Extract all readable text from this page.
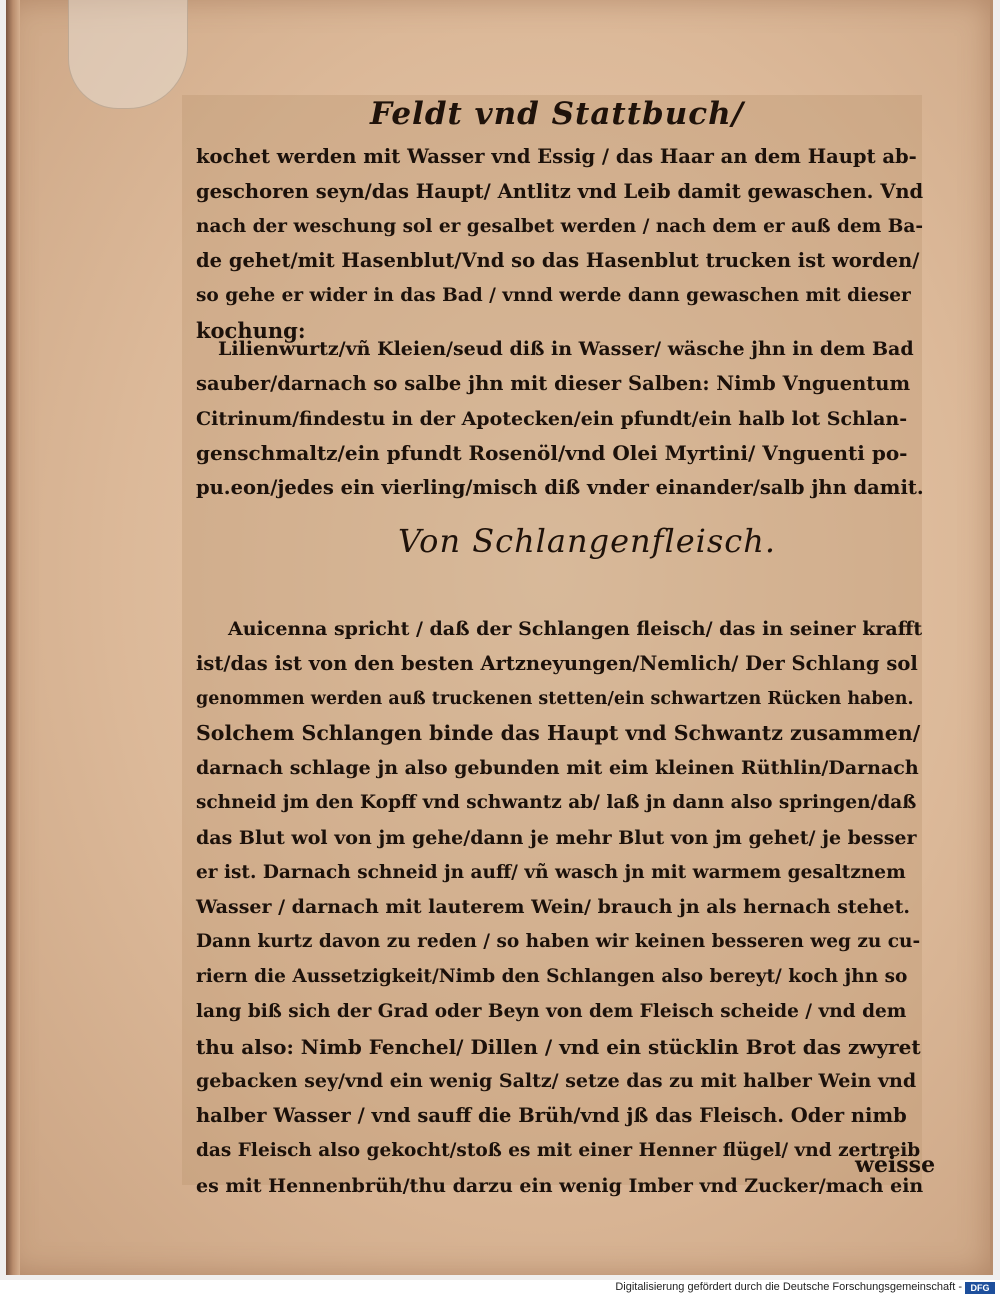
Feldt vnd Stattbuch/
kochet werden mit Wasser vnd Essig / das Haar an dem Haupt ab-
geschoren seyn/das Haupt/ Antlitz vnd Leib damit gewaschen. Vnd
nach der weschung sol er gesalbet werden / nach dem er auß dem Ba-
de gehet/mit Hasenblut/Vnd so das Hasenblut trucken ist worden/
so gehe er wider in das Bad / vnnd werde dann gewaschen mit dieser
kochung:
Lilienwurtz/vñ Kleien/seud diß in Wasser/ wäsche jhn in dem Bad
sauber/darnach so salbe jhn mit dieser Salben: Nimb Vnguentum
Citrinum/findestu in der Apotecken/ein pfundt/ein halb lot Schlan-
genschmaltz/ein pfundt Rosenöl/vnd Olei Myrtini/ Vnguenti po-
pu.eon/jedes ein vierling/misch diß vnder einander/salb jhn damit.
Von Schlangenfleisch.
Auicenna spricht / daß der Schlangen fleisch/ das in seiner krafft
ist/das ist von den besten Artzneyungen/Nemlich/ Der Schlang sol
genommen werden auß truckenen stetten/ein schwartzen Rücken haben.
Solchem Schlangen binde das Haupt vnd Schwantz zusammen/
darnach schlage jn also gebunden mit eim kleinen Rüthlin/Darnach
schneid jm den Kopff vnd schwantz ab/ laß jn dann also springen/daß
das Blut wol von jm gehe/dann je mehr Blut von jm gehet/ je besser
er ist. Darnach schneid jn auff/ vñ wasch jn mit warmem gesaltznem
Wasser / darnach mit lauterem Wein/ brauch jn als hernach stehet.
Dann kurtz davon zu reden / so haben wir keinen besseren weg zu cu-
riern die Aussetzigkeit/Nimb den Schlangen also bereyt/ koch jhn so
lang biß sich der Grad oder Beyn von dem Fleisch scheide / vnd dem
thu also: Nimb Fenchel/ Dillen / vnd ein stücklin Brot das zwyret
gebacken sey/vnd ein wenig Saltz/ setze das zu mit halber Wein vnd
halber Wasser / vnd sauff die Brüh/vnd jß das Fleisch. Oder nimb
das Fleisch also gekocht/stoß es mit einer Henner flügel/ vnd zertreib
es mit Hennenbrüh/thu darzu ein wenig Imber vnd Zucker/mach ein
weisse
Digitalisierung gefördert durch die Deutsche Forschungsgemeinschaft - DFG
